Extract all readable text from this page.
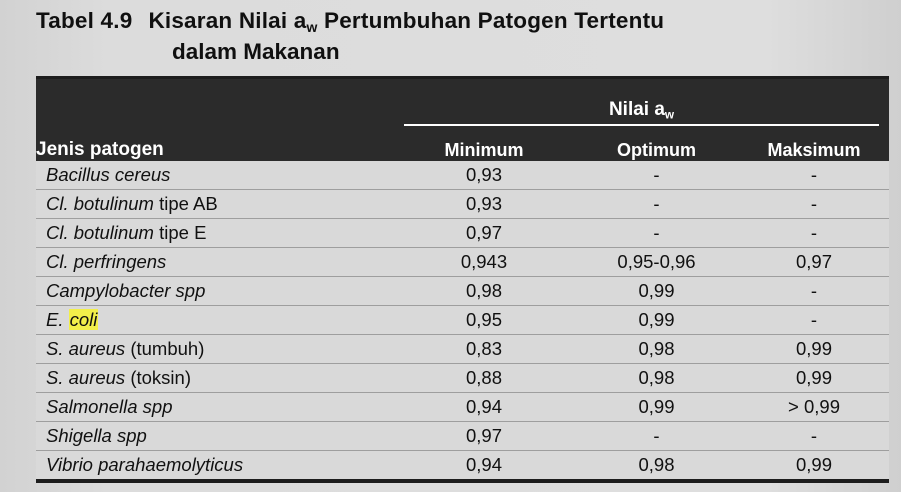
Tabel 4.9 Kisaran Nilai $a_w$ Pertumbuhan Patogen Tertentu
dalam Makanan
Jenis patogen	Nilai $a_w$

	Minimum	Optimum	Maksimum
Bacillus cereus	0,93	-	-
Cl. botulinum tipe AB	0,93	-	-
Cl. botulinum tipe E	0,97	-	-
Cl. perfringens	0,943	0,95-0,96	0,97
Campylobacter spp	0,98	0,99	-
E. coli	0,95	0,99	-
S. aureus (tumbuh)	0,83	0,98	0,99
S. aureus (toksin)	0,88	0,98	0,99
Salmonella spp	0,94	0,99	> 0,99
Shigella spp	0,97	-	-
Vibrio parahaemolyticus	0,94	0,98	0,99
